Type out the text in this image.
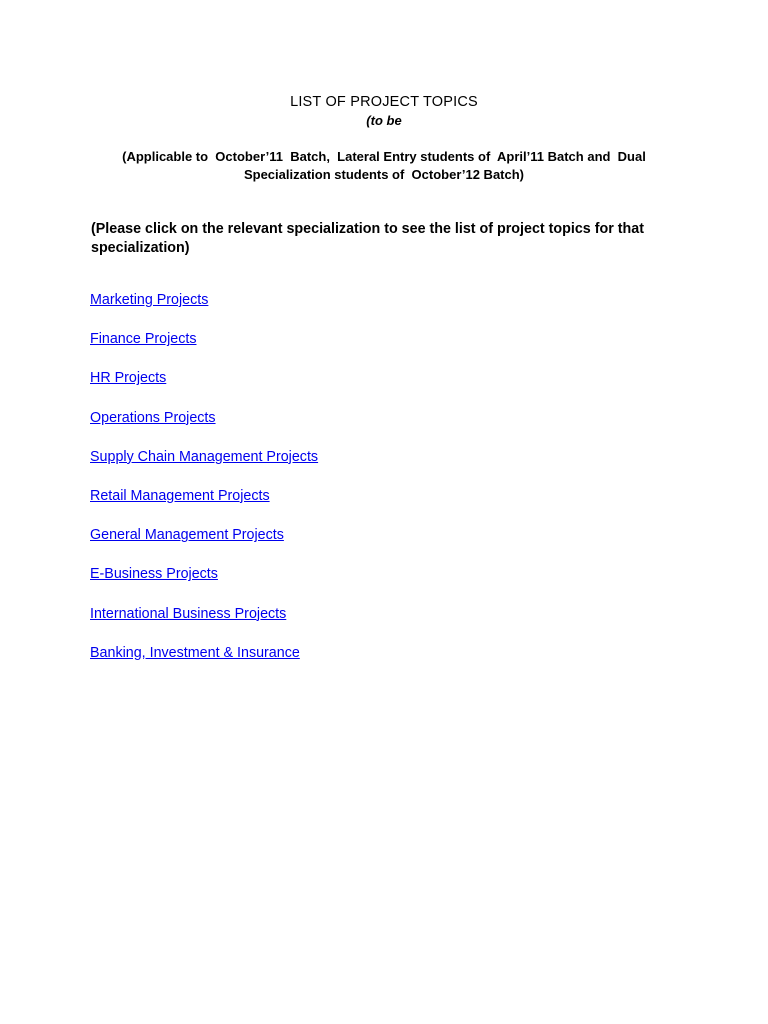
LIST OF PROJECT TOPICS
(to be
(Applicable to  October’11  Batch,  Lateral Entry students of  April’11 Batch and  Dual
Specialization students of  October’12 Batch)
(Please click on the relevant specialization to see the list of project topics for that specialization)
Marketing Projects
Finance Projects
HR Projects
Operations Projects
Supply Chain Management Projects
Retail Management Projects
General Management Projects
E-Business Projects
International Business Projects
Banking, Investment & Insurance
